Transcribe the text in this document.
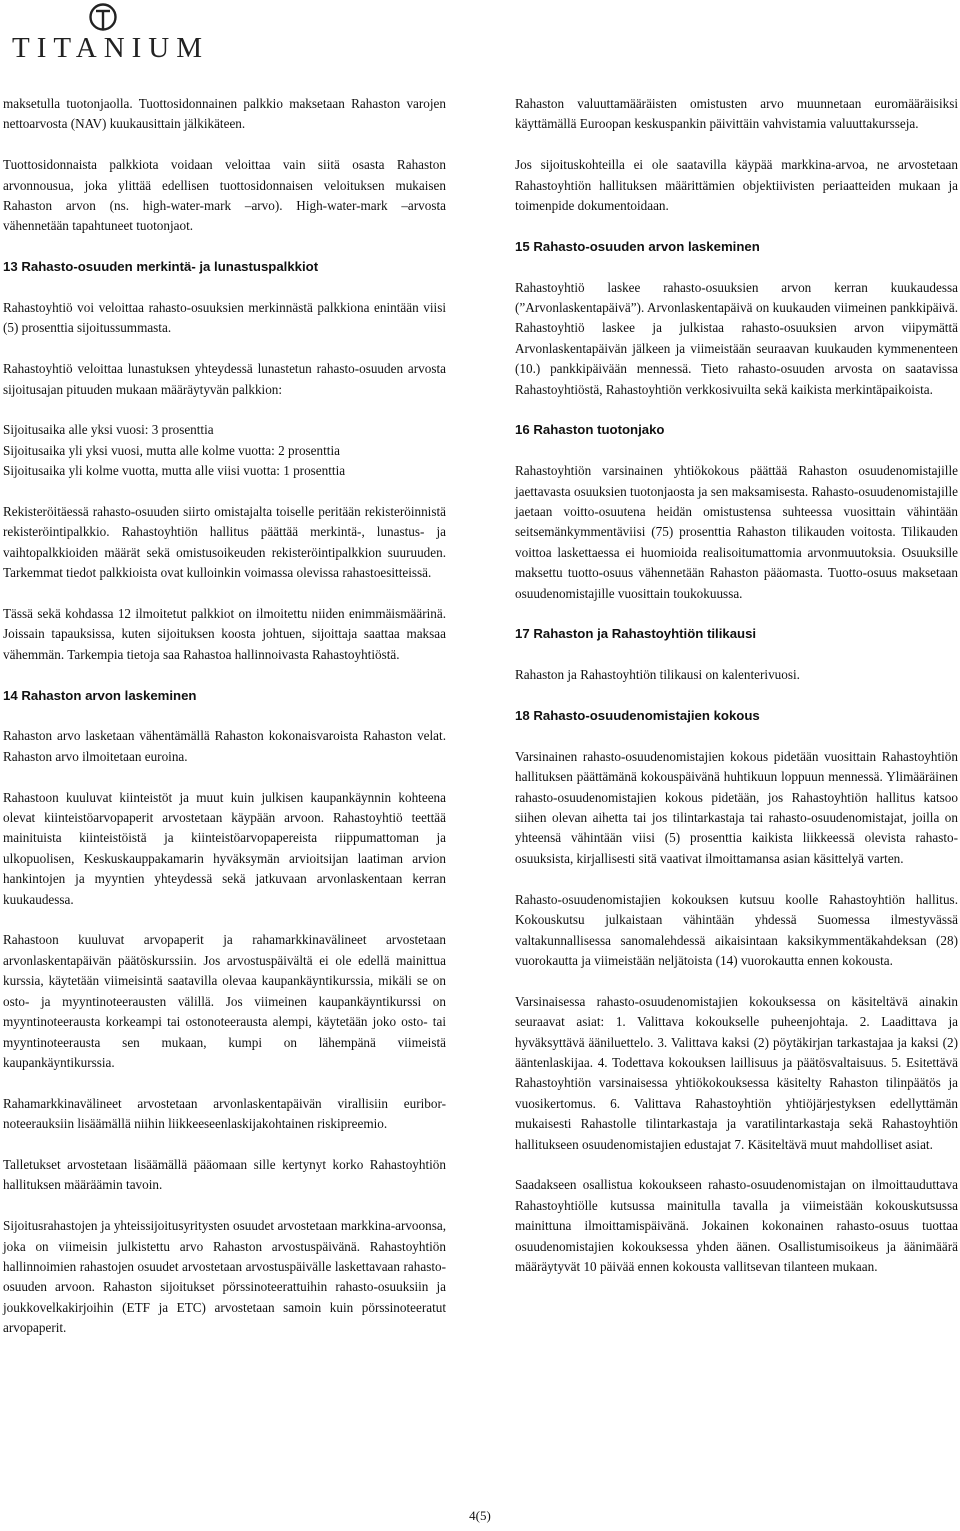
TITANIUM

maksetulla tuotonjaolla. Tuottosidonnainen palkkio maksetaan Rahaston varojen nettoarvosta (NAV) kuukausittain jälkikäteen.

Tuottosidonnaista palkkiota voidaan veloittaa vain siitä osasta Rahaston arvonnousua, joka ylittää edellisen tuottosidonnaisen veloituksen mukaisen Rahaston arvon (ns. high-water-mark –arvo). High-water-mark –arvosta vähennetään tapahtuneet tuotonjaot.

13 Rahasto-osuuden merkintä- ja lunastuspalkkiot

Rahastoyhtiö voi veloittaa rahasto-osuuksien merkinnästä palkkiona enintään viisi (5) prosenttia sijoitussummasta.

Rahastoyhtiö veloittaa lunastuksen yhteydessä lunastetun rahasto-osuuden arvosta sijoitusajan pituuden mukaan määräytyvän palkkion:

Sijoitusaika alle yksi vuosi: 3 prosenttia

Sijoitusaika yli yksi vuosi, mutta alle kolme vuotta: 2 prosenttia

Sijoitusaika yli kolme vuotta, mutta alle viisi vuotta: 1 prosenttia

Rekisteröitäessä rahasto-osuuden siirto omistajalta toiselle peritään rekisteröinnistä rekisteröintipalkkio. Rahastoyhtiön hallitus päättää merkintä-, lunastus- ja vaihtopalkkioiden määrät sekä omistusoikeuden rekisteröintipalkkion suuruuden. Tarkemmat tiedot palkkioista ovat kulloinkin voimassa olevissa rahastoesitteissä.

Tässä sekä kohdassa 12 ilmoitetut palkkiot on ilmoitettu niiden enimmäismäärinä. Joissain tapauksissa, kuten sijoituksen koosta johtuen, sijoittaja saattaa maksaa vähemmän. Tarkempia tietoja saa Rahastoa hallinnoivasta Rahastoyhtiöstä.

14 Rahaston arvon laskeminen

Rahaston arvo lasketaan vähentämällä Rahaston kokonaisvaroista Rahaston velat. Rahaston arvo ilmoitetaan euroina.

Rahastoon kuuluvat kiinteistöt ja muut kuin julkisen kaupankäynnin kohteena olevat kiinteistöarvopaperit arvostetaan käypään arvoon. Rahastoyhtiö teettää mainituista kiinteistöistä ja kiinteistöarvopapereista riippumattoman ja ulkopuolisen, Keskuskauppakamarin hyväksymän arvioitsijan laatiman arvion hankintojen ja myyntien yhteydessä sekä jatkuvaan arvonlaskentaan kerran kuukaudessa.

Rahastoon kuuluvat arvopaperit ja rahamarkkinavälineet arvostetaan arvonlaskentapäivän päätöskurssiin. Jos arvostuspäivältä ei ole edellä mainittua kurssia, käytetään viimeisintä saatavilla olevaa kaupankäyntikurssia, mikäli se on osto- ja myyntinoteerausten välillä. Jos viimeinen kaupankäyntikurssi on myyntinoteerausta korkeampi tai ostonoteerausta alempi, käytetään joko osto- tai myyntinoteerausta sen mukaan, kumpi on lähempänä viimeistä kaupankäyntikurssia.

Rahamarkkinavälineet arvostetaan arvonlaskentapäivän virallisiin euribor-noteerauksiin lisäämällä niihin liikkeeseenlaskijakohtainen riskipreemio.

Talletukset arvostetaan lisäämällä pääomaan sille kertynyt korko Rahastoyhtiön hallituksen määräämin tavoin.

Sijoitusrahastojen ja yhteissijoitusyritysten osuudet arvostetaan markkina-arvoonsa, joka on viimeisin julkistettu arvo Rahaston arvostuspäivänä. Rahastoyhtiön hallinnoimien rahastojen osuudet arvostetaan arvostuspäivälle laskettavaan rahasto-osuuden arvoon. Rahaston sijoitukset pörssinoteerattuihin rahasto-osuuksiin ja joukkovelkakirjoihin (ETF ja ETC) arvostetaan samoin kuin pörssinoteeratut arvopaperit.

Rahaston valuuttamääräisten omistusten arvo muunnetaan euromääräisiksi käyttämällä Euroopan keskuspankin päivittäin vahvistamia valuuttakursseja.

Jos sijoituskohteilla ei ole saatavilla käypää markkina-arvoa, ne arvostetaan Rahastoyhtiön hallituksen määrittämien objektiivisten periaatteiden mukaan ja toimenpide dokumentoidaan.

15 Rahasto-osuuden arvon laskeminen

Rahastoyhtiö laskee rahasto-osuuksien arvon kerran kuukaudessa (”Arvonlaskentapäivä”). Arvonlaskentapäivä on kuukauden viimeinen pankkipäivä. Rahastoyhtiö laskee ja julkistaa rahasto-osuuksien arvon viipymättä Arvonlaskentapäivän jälkeen ja viimeistään seuraavan kuukauden kymmenenteen (10.) pankkipäivään mennessä. Tieto rahasto-osuuden arvosta on saatavissa Rahastoyhtiöstä, Rahastoyhtiön verkkosivuilta sekä kaikista merkintäpaikoista.

16 Rahaston tuotonjako

Rahastoyhtiön varsinainen yhtiökokous päättää Rahaston osuudenomistajille jaettavasta osuuksien tuotonjaosta ja sen maksamisesta. Rahasto-osuudenomistajille jaetaan voitto-osuutena heidän omistustensa suhteessa vuosittain vähintään seitsemänkymmentäviisi (75) prosenttia Rahaston tilikauden voitosta. Tilikauden voittoa laskettaessa ei huomioida realisoitumattomia arvonmuutoksia. Osuuksille maksettu tuotto-osuus vähennetään Rahaston pääomasta. Tuotto-osuus maksetaan osuudenomistajille vuosittain toukokuussa.

17 Rahaston ja Rahastoyhtiön tilikausi

Rahaston ja Rahastoyhtiön tilikausi on kalenterivuosi.

18 Rahasto-osuudenomistajien kokous

Varsinainen rahasto-osuudenomistajien kokous pidetään vuosittain Rahastoyhtiön hallituksen päättämänä kokouspäivänä huhtikuun loppuun mennessä. Ylimääräinen rahasto-osuudenomistajien kokous pidetään, jos Rahastoyhtiön hallitus katsoo siihen olevan aihetta tai jos tilintarkastaja tai rahasto-osuudenomistajat, joilla on yhteensä vähintään viisi (5) prosenttia kaikista liikkeessä olevista rahasto-osuuksista, kirjallisesti sitä vaativat ilmoittamansa asian käsittelyä varten.

Rahasto-osuudenomistajien kokouksen kutsuu koolle Rahastoyhtiön hallitus. Kokouskutsu julkaistaan vähintään yhdessä Suomessa ilmestyvässä valtakunnallisessa sanomalehdessä aikaisintaan kaksikymmentäkahdeksan (28) vuorokautta ja viimeistään neljätoista (14) vuorokautta ennen kokousta.

Varsinaisessa rahasto-osuudenomistajien kokouksessa on käsiteltävä ainakin seuraavat asiat: 1. Valittava kokoukselle puheenjohtaja. 2. Laadittava ja hyväksyttävä ääniluettelo. 3. Valittava kaksi (2) pöytäkirjan tarkastajaa ja kaksi (2) ääntenlaskijaa. 4. Todettava kokouksen laillisuus ja päätösvaltaisuus. 5. Esitettävä Rahastoyhtiön varsinaisessa yhtiökokouksessa käsitelty Rahaston tilinpäätös ja vuosikertomus. 6. Valittava Rahastoyhtiön yhtiöjärjestyksen edellyttämän mukaisesti Rahastolle tilintarkastaja ja varatilintarkastaja sekä Rahastoyhtiön hallitukseen osuudenomistajien edustajat 7. Käsiteltävä muut mahdolliset asiat.

Saadakseen osallistua kokoukseen rahasto-osuudenomistajan on ilmoittauduttava Rahastoyhtiölle kutsussa mainitulla tavalla ja viimeistään kokouskutsussa mainittuna ilmoittamispäivänä. Jokainen kokonainen rahasto-osuus tuottaa osuudenomistajien kokouksessa yhden äänen. Osallistumisoikeus ja äänimäärä määräytyvät 10 päivää ennen kokousta vallitsevan tilanteen mukaan.

4(5)
